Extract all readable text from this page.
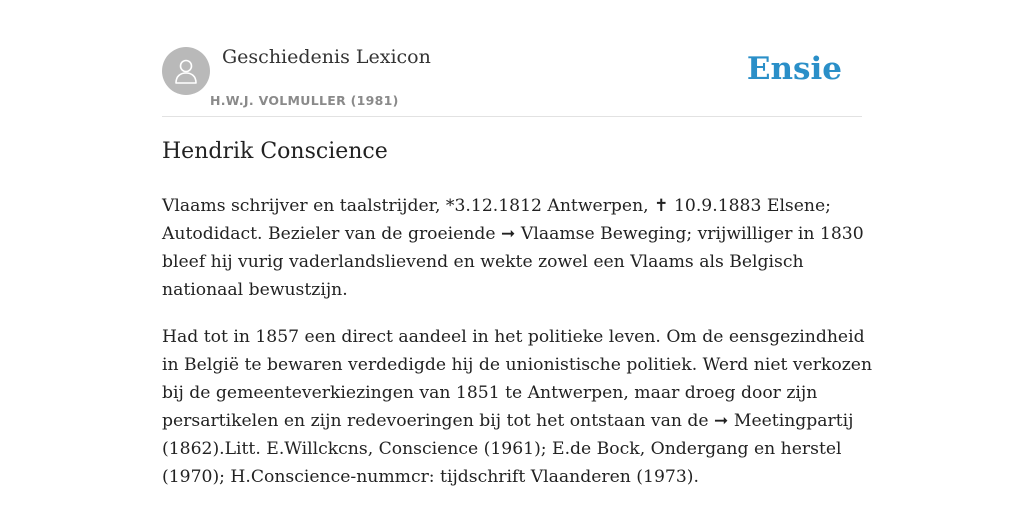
Geschiedenis Lexicon
H.W.J. VOLMULLER (1981)
Ensie
Hendrik Conscience

Vlaams schrijver en taalstrijder, *3.12.1812 Antwerpen, ✝ 10.9.1883 Elsene;
Autodidact. Bezieler van de groeiende ➞ Vlaamse Beweging; vrijwilliger in 1830
bleef hij vurig vaderlandslievend en wekte zowel een Vlaams als Belgisch
nationaal bewustzijn.

Had tot in 1857 een direct aandeel in het politieke leven. Om de eensgezindheid
in België te bewaren verdedigde hij de unionistische politiek. Werd niet verkozen
bij de gemeenteverkiezingen van 1851 te Antwerpen, maar droeg door zijn
persartikelen en zijn redevoeringen bij tot het ontstaan van de ➞ Meetingpartij
(1862).Litt. E.Willckcns, Conscience (1961); E.de Bock, Ondergang en herstel
(1970); H.Conscience-nummcr: tijdschrift Vlaanderen (1973).
